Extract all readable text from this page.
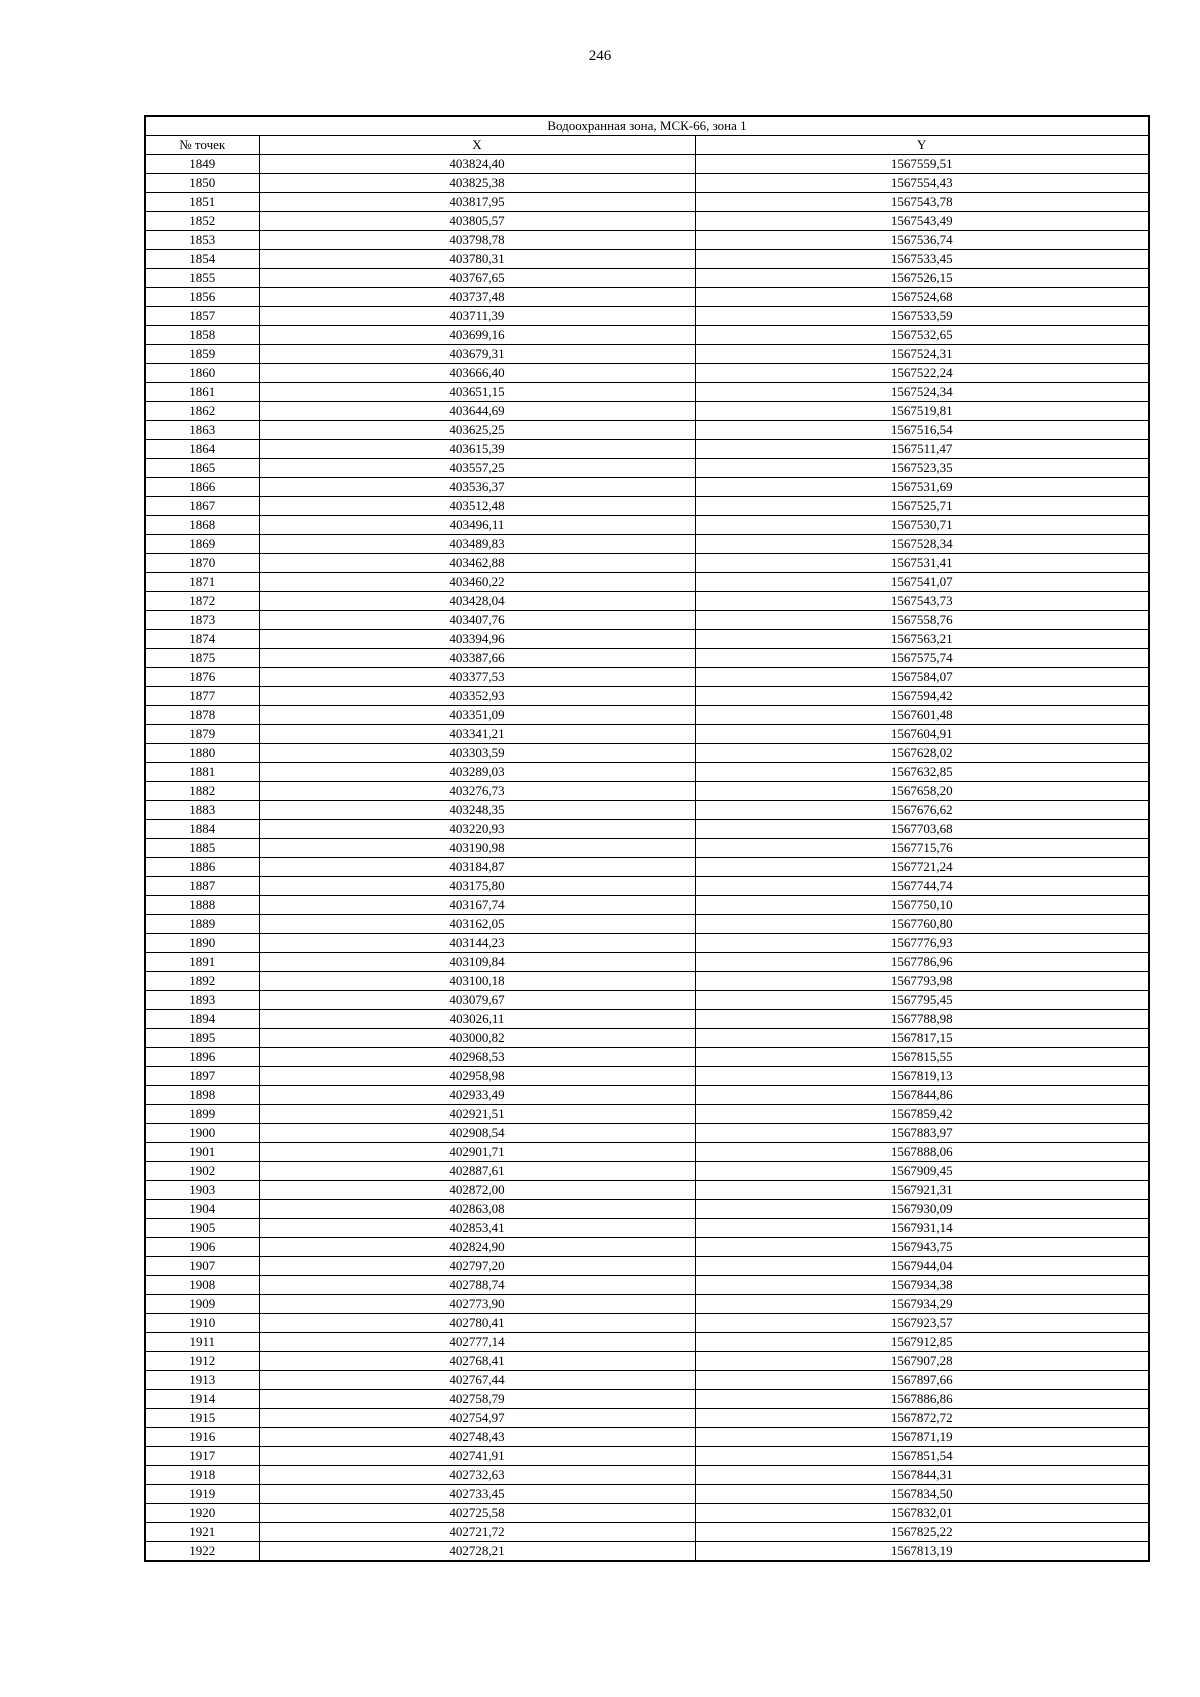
246
Водоохранная зона, МСК-66, зона 1		
№ точек	X	Y
1849	403824,40	1567559,51
1850	403825,38	1567554,43
1851	403817,95	1567543,78
1852	403805,57	1567543,49
1853	403798,78	1567536,74
1854	403780,31	1567533,45
1855	403767,65	1567526,15
1856	403737,48	1567524,68
1857	403711,39	1567533,59
1858	403699,16	1567532,65
1859	403679,31	1567524,31
1860	403666,40	1567522,24
1861	403651,15	1567524,34
1862	403644,69	1567519,81
1863	403625,25	1567516,54
1864	403615,39	1567511,47
1865	403557,25	1567523,35
1866	403536,37	1567531,69
1867	403512,48	1567525,71
1868	403496,11	1567530,71
1869	403489,83	1567528,34
1870	403462,88	1567531,41
1871	403460,22	1567541,07
1872	403428,04	1567543,73
1873	403407,76	1567558,76
1874	403394,96	1567563,21
1875	403387,66	1567575,74
1876	403377,53	1567584,07
1877	403352,93	1567594,42
1878	403351,09	1567601,48
1879	403341,21	1567604,91
1880	403303,59	1567628,02
1881	403289,03	1567632,85
1882	403276,73	1567658,20
1883	403248,35	1567676,62
1884	403220,93	1567703,68
1885	403190,98	1567715,76
1886	403184,87	1567721,24
1887	403175,80	1567744,74
1888	403167,74	1567750,10
1889	403162,05	1567760,80
1890	403144,23	1567776,93
1891	403109,84	1567786,96
1892	403100,18	1567793,98
1893	403079,67	1567795,45
1894	403026,11	1567788,98
1895	403000,82	1567817,15
1896	402968,53	1567815,55
1897	402958,98	1567819,13
1898	402933,49	1567844,86
1899	402921,51	1567859,42
1900	402908,54	1567883,97
1901	402901,71	1567888,06
1902	402887,61	1567909,45
1903	402872,00	1567921,31
1904	402863,08	1567930,09
1905	402853,41	1567931,14
1906	402824,90	1567943,75
1907	402797,20	1567944,04
1908	402788,74	1567934,38
1909	402773,90	1567934,29
1910	402780,41	1567923,57
1911	402777,14	1567912,85
1912	402768,41	1567907,28
1913	402767,44	1567897,66
1914	402758,79	1567886,86
1915	402754,97	1567872,72
1916	402748,43	1567871,19
1917	402741,91	1567851,54
1918	402732,63	1567844,31
1919	402733,45	1567834,50
1920	402725,58	1567832,01
1921	402721,72	1567825,22
1922	402728,21	1567813,19
